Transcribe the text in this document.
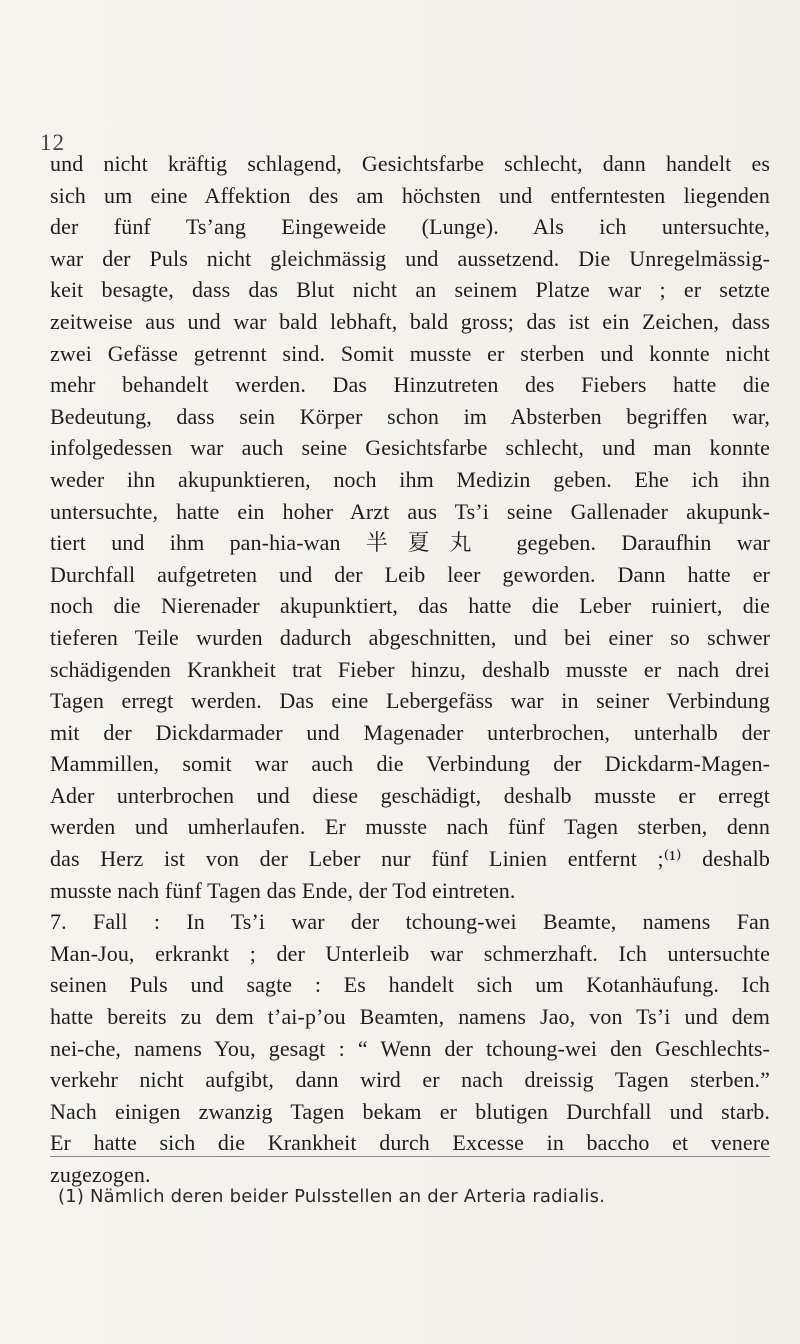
12
und nicht kräftig schlagend, Gesichtsfarbe schlecht, dann handelt es
sich um eine Affektion des am höchsten und entferntesten liegenden
der fünf Ts’ang Eingeweide (Lunge). Als ich untersuchte,
war der Puls nicht gleichmässig und aussetzend. Die Unregelmässig-
keit besagte, dass das Blut nicht an seinem Platze war ; er setzte
zeitweise aus und war bald lebhaft, bald gross; das ist ein Zeichen, dass
zwei Gefässe getrennt sind. Somit musste er sterben und konnte nicht
mehr behandelt werden. Das Hinzutreten des Fiebers hatte die
Bedeutung, dass sein Körper schon im Absterben begriffen war,
infolgedessen war auch seine Gesichtsfarbe schlecht, und man konnte
weder ihn akupunktieren, noch ihm Medizin geben. Ehe ich ihn
untersuchte, hatte ein hoher Arzt aus Ts’i seine Gallenader akupunk-
tiert und ihm pan-hia-wan 半夏丸 gegeben. Daraufhin war
Durchfall aufgetreten und der Leib leer geworden. Dann hatte er
noch die Nierenader akupunktiert, das hatte die Leber ruiniert, die
tieferen Teile wurden dadurch abgeschnitten, und bei einer so schwer
schädigenden Krankheit trat Fieber hinzu, deshalb musste er nach drei
Tagen erregt werden. Das eine Lebergefäss war in seiner Verbindung
mit der Dickdarmader und Magenader unterbrochen, unterhalb der
Mammillen, somit war auch die Verbindung der Dickdarm-Magen-
Ader unterbrochen und diese geschädigt, deshalb musste er erregt
werden und umherlaufen. Er musste nach fünf Tagen sterben, denn
das Herz ist von der Leber nur fünf Linien entfernt ;⁽¹⁾ deshalb
musste nach fünf Tagen das Ende, der Tod eintreten.
7. Fall : In Ts’i war der tchoung-wei Beamte, namens Fan
Man-Jou, erkrankt ; der Unterleib war schmerzhaft. Ich untersuchte
seinen Puls und sagte : Es handelt sich um Kotanhäufung. Ich
hatte bereits zu dem t’ai-p’ou Beamten, namens Jao, von Ts’i und dem
nei-che, namens You, gesagt : “ Wenn der tchoung-wei den Geschlechts-
verkehr nicht aufgibt, dann wird er nach dreissig Tagen sterben.”
Nach einigen zwanzig Tagen bekam er blutigen Durchfall und starb.
Er hatte sich die Krankheit durch Excesse in baccho et venere
zugezogen.
(1) Nämlich deren beider Pulsstellen an der Arteria radialis.
